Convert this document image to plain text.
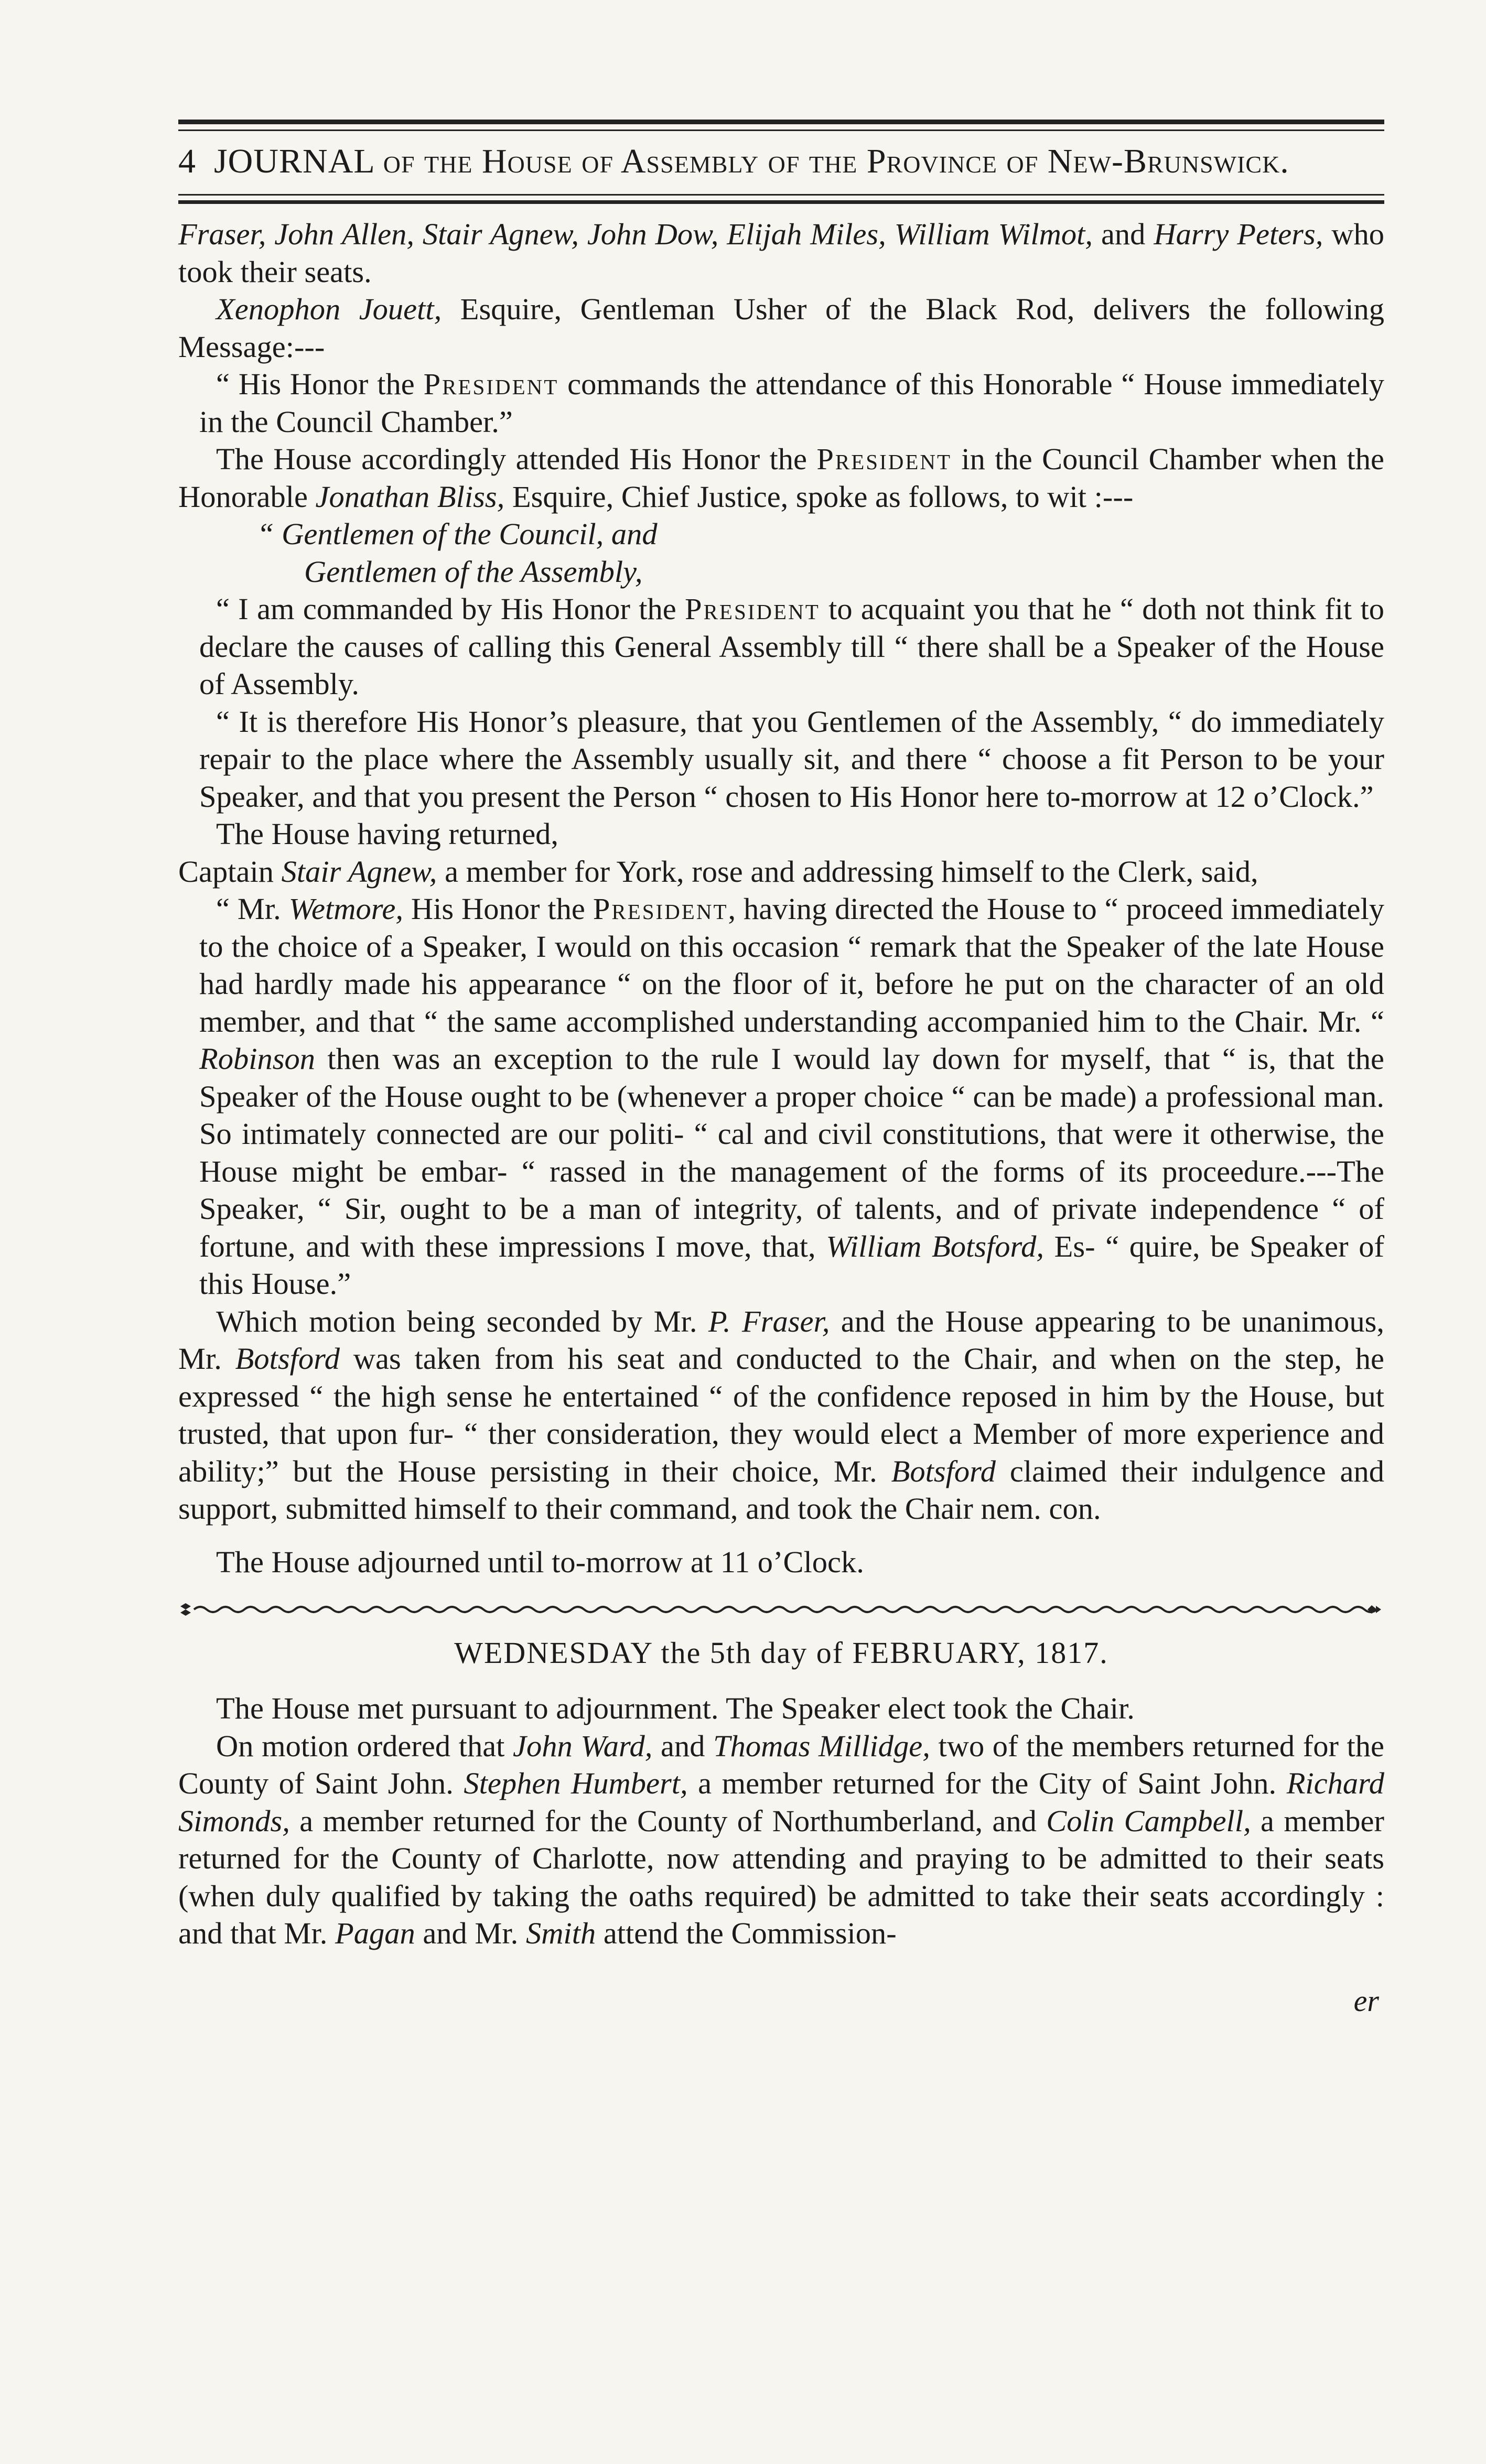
4 JOURNAL of the House of Assembly of the Province of New-Brunswick.

Fraser, John Allen, Stair Agnew, John Dow, Elijah Miles, William Wilmot, and Harry Peters, who took their seats.

Xenophon Jouett, Esquire, Gentleman Usher of the Black Rod, delivers the following Message:---

“ His Honor the President commands the attendance of this Honorable “ House immediately in the Council Chamber.”

The House accordingly attended His Honor the President in the Council Chamber when the Honorable Jonathan Bliss, Esquire, Chief Justice, spoke as follows, to wit :---

“ Gentlemen of the Council, and

Gentlemen of the Assembly,

“ I am commanded by His Honor the President to acquaint you that he “ doth not think fit to declare the causes of calling this General Assembly till “ there shall be a Speaker of the House of Assembly.

“ It is therefore His Honor’s pleasure, that you Gentlemen of the Assembly, “ do immediately repair to the place where the Assembly usually sit, and there “ choose a fit Person to be your Speaker, and that you present the Person “ chosen to His Honor here to-morrow at 12 o’Clock.”

The House having returned,

Captain Stair Agnew, a member for York, rose and addressing himself to the Clerk, said,

“ Mr. Wetmore, His Honor the President, having directed the House to “ proceed immediately to the choice of a Speaker, I would on this occasion “ remark that the Speaker of the late House had hardly made his appearance “ on the floor of it, before he put on the character of an old member, and that “ the same accomplished understanding accompanied him to the Chair. Mr. “ Robinson then was an exception to the rule I would lay down for myself, that “ is, that the Speaker of the House ought to be (whenever a proper choice “ can be made) a professional man. So intimately connected are our politi- “ cal and civil constitutions, that were it otherwise, the House might be embar- “ rassed in the management of the forms of its proceedure.---The Speaker, “ Sir, ought to be a man of integrity, of talents, and of private independence “ of fortune, and with these impressions I move, that, William Botsford, Es- “ quire, be Speaker of this House.”

Which motion being seconded by Mr. P. Fraser, and the House appearing to be unanimous, Mr. Botsford was taken from his seat and conducted to the Chair, and when on the step, he expressed “ the high sense he entertained “ of the confidence reposed in him by the House, but trusted, that upon fur- “ ther consideration, they would elect a Member of more experience and ability;” but the House persisting in their choice, Mr. Botsford claimed their indulgence and support, submitted himself to their command, and took the Chair nem. con.

The House adjourned until to-morrow at 11 o’Clock.

WEDNESDAY the 5th day of FEBRUARY, 1817.

The House met pursuant to adjournment. The Speaker elect took the Chair.

On motion ordered that John Ward, and Thomas Millidge, two of the members returned for the County of Saint John. Stephen Humbert, a member returned for the City of Saint John. Richard Simonds, a member returned for the County of Northumberland, and Colin Campbell, a member returned for the County of Charlotte, now attending and praying to be admitted to their seats (when duly qualified by taking the oaths required) be admitted to take their seats accordingly : and that Mr. Pagan and Mr. Smith attend the Commission-

er
